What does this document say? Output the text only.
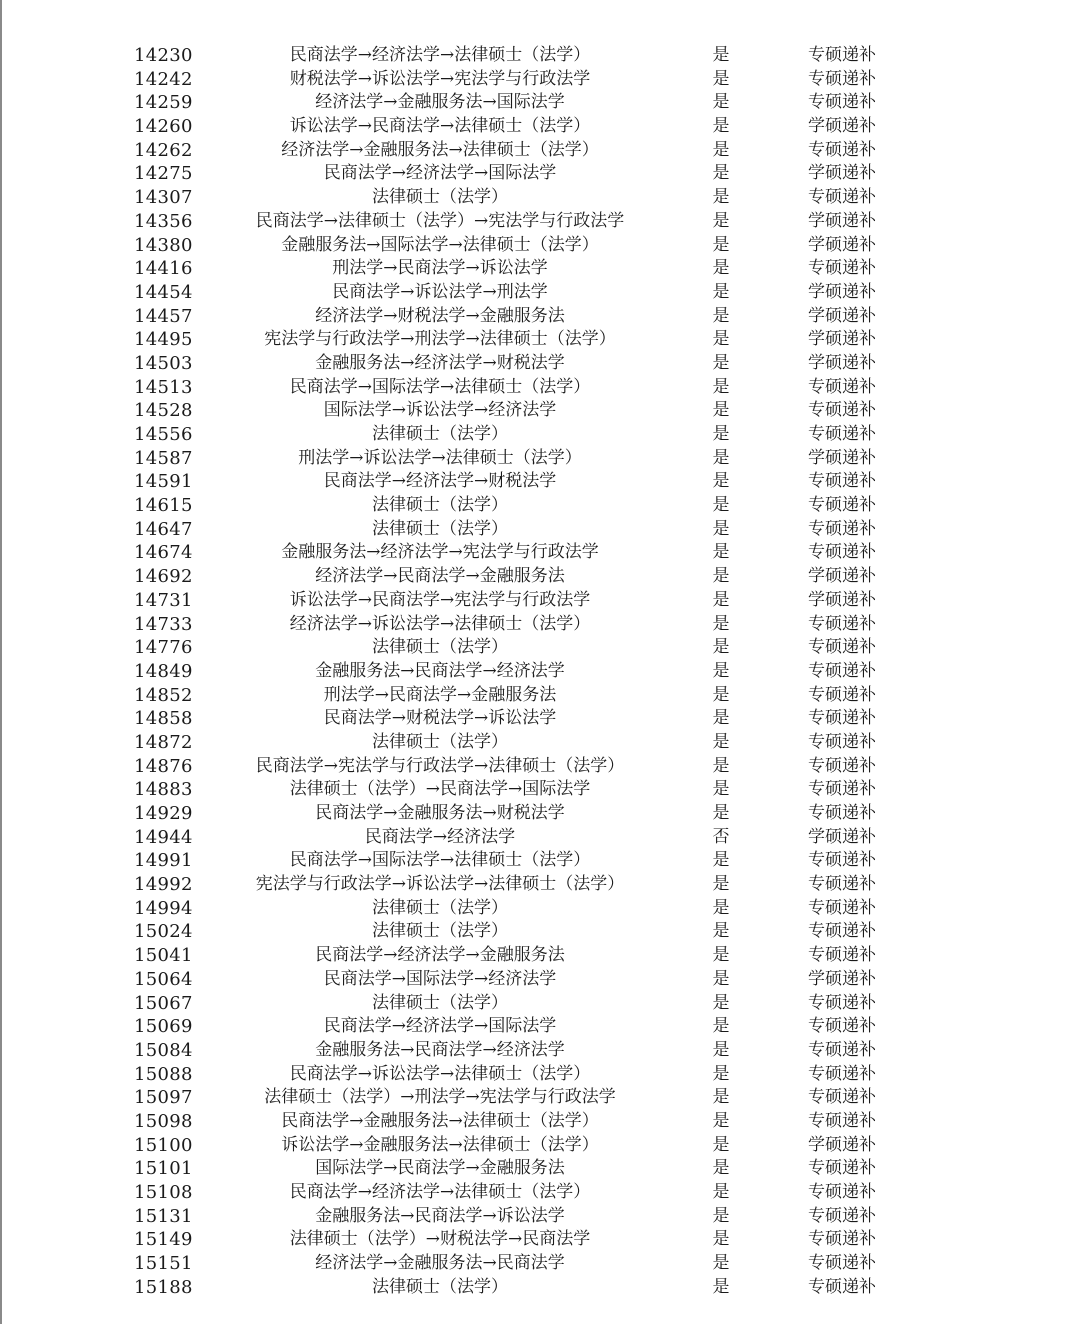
14230	民商法学→经济法学→法律硕士（法学）	是	专硕递补
14242	财税法学→诉讼法学→宪法学与行政法学	是	专硕递补
14259	经济法学→金融服务法→国际法学	是	专硕递补
14260	诉讼法学→民商法学→法律硕士（法学）	是	学硕递补
14262	经济法学→金融服务法→法律硕士（法学）	是	专硕递补
14275	民商法学→经济法学→国际法学	是	学硕递补
14307	法律硕士（法学）	是	专硕递补
14356	民商法学→法律硕士（法学）→宪法学与行政法学	是	学硕递补
14380	金融服务法→国际法学→法律硕士（法学）	是	学硕递补
14416	刑法学→民商法学→诉讼法学	是	专硕递补
14454	民商法学→诉讼法学→刑法学	是	学硕递补
14457	经济法学→财税法学→金融服务法	是	学硕递补
14495	宪法学与行政法学→刑法学→法律硕士（法学）	是	学硕递补
14503	金融服务法→经济法学→财税法学	是	学硕递补
14513	民商法学→国际法学→法律硕士（法学）	是	专硕递补
14528	国际法学→诉讼法学→经济法学	是	专硕递补
14556	法律硕士（法学）	是	专硕递补
14587	刑法学→诉讼法学→法律硕士（法学）	是	学硕递补
14591	民商法学→经济法学→财税法学	是	专硕递补
14615	法律硕士（法学）	是	专硕递补
14647	法律硕士（法学）	是	专硕递补
14674	金融服务法→经济法学→宪法学与行政法学	是	专硕递补
14692	经济法学→民商法学→金融服务法	是	学硕递补
14731	诉讼法学→民商法学→宪法学与行政法学	是	学硕递补
14733	经济法学→诉讼法学→法律硕士（法学）	是	专硕递补
14776	法律硕士（法学）	是	专硕递补
14849	金融服务法→民商法学→经济法学	是	专硕递补
14852	刑法学→民商法学→金融服务法	是	专硕递补
14858	民商法学→财税法学→诉讼法学	是	专硕递补
14872	法律硕士（法学）	是	专硕递补
14876	民商法学→宪法学与行政法学→法律硕士（法学）	是	专硕递补
14883	法律硕士（法学）→民商法学→国际法学	是	专硕递补
14929	民商法学→金融服务法→财税法学	是	专硕递补
14944	民商法学→经济法学	否	学硕递补
14991	民商法学→国际法学→法律硕士（法学）	是	专硕递补
14992	宪法学与行政法学→诉讼法学→法律硕士（法学）	是	专硕递补
14994	法律硕士（法学）	是	专硕递补
15024	法律硕士（法学）	是	专硕递补
15041	民商法学→经济法学→金融服务法	是	专硕递补
15064	民商法学→国际法学→经济法学	是	学硕递补
15067	法律硕士（法学）	是	专硕递补
15069	民商法学→经济法学→国际法学	是	专硕递补
15084	金融服务法→民商法学→经济法学	是	专硕递补
15088	民商法学→诉讼法学→法律硕士（法学）	是	专硕递补
15097	法律硕士（法学）→刑法学→宪法学与行政法学	是	专硕递补
15098	民商法学→金融服务法→法律硕士（法学）	是	专硕递补
15100	诉讼法学→金融服务法→法律硕士（法学）	是	学硕递补
15101	国际法学→民商法学→金融服务法	是	专硕递补
15108	民商法学→经济法学→法律硕士（法学）	是	专硕递补
15131	金融服务法→民商法学→诉讼法学	是	专硕递补
15149	法律硕士（法学）→财税法学→民商法学	是	专硕递补
15151	经济法学→金融服务法→民商法学	是	专硕递补
15188	法律硕士（法学）	是	专硕递补
